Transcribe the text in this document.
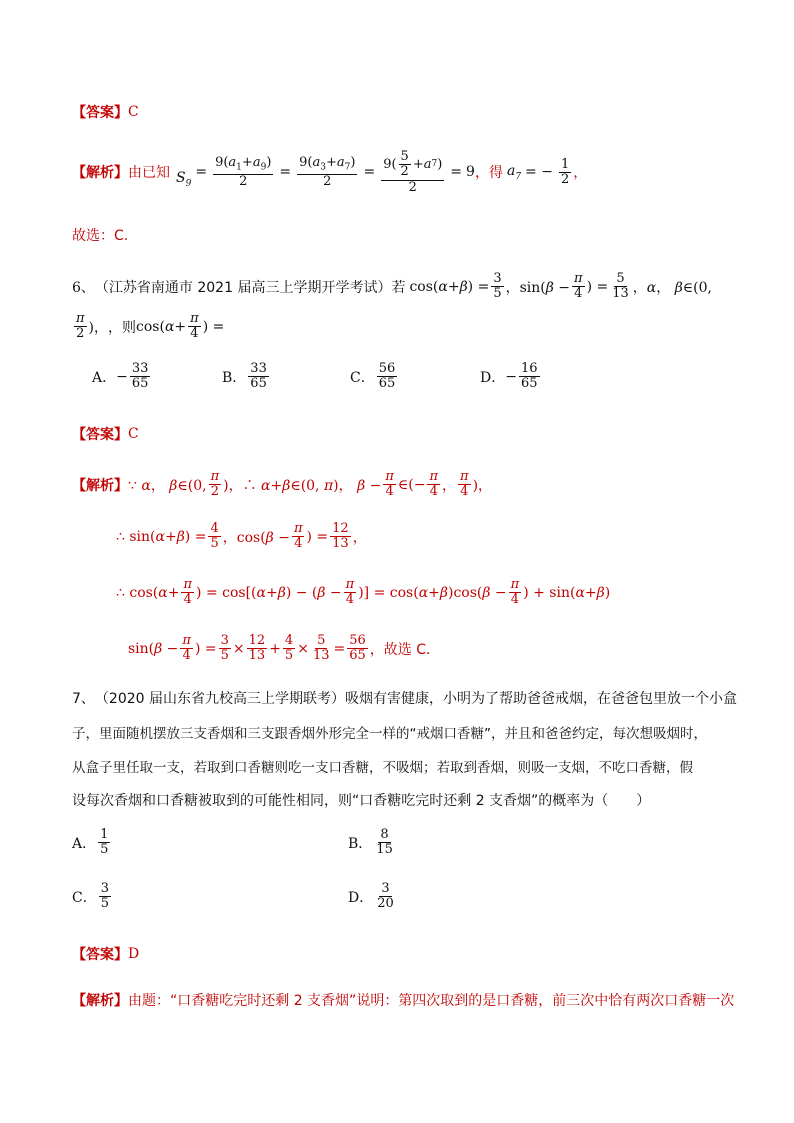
【答案】 C
【解析】 由已知 $S_9$
= $\frac{9(a_1+a_9)}{2} = \frac{9(a_3+a_7)}{2} = \frac{9( \frac{5}{2} + a 7 )}{2} = 9$ ，得 $a_7$ = − $\frac{1}{2}$ ，
故选：C.
6、 （江苏省南通市 2021 届高三上学期开学考试） 若 $\cos(\alpha+\beta) = \frac{3}{5}$ ，$\sin(\beta - \frac{\pi}{4}$ ) = $\frac{5}{13}$ ，α， β∈(0,
$\frac{\pi}{2}$ )， ，则 $\cos(\alpha+ \frac{\pi}{4}$ ) =
A． − $\frac{33}{65}$	B． $\frac{33}{65}$	C． $\frac{56}{65}$	D． − $\frac{16}{65}$
【答案】 C
【解析】 ∵ α， β∈(0, $\frac{\pi}{2}$ )，∴ α+β∈(0, π)， $\beta - \frac{\pi}{4}$ ∈(− $\frac{\pi}{4}$ ， $\frac{\pi}{4}$ )，
∴ $\sin(\alpha+\beta) = \frac{4}{5}$ ，$\cos(\beta - \frac{\pi}{4}$ ) = $\frac{12}{13}$ ，
∴ $\cos(\alpha+ \frac{\pi}{4}$ ) = $\cos[(\alpha+\beta) - (\beta - \frac{\pi}{4}$ )] = $\cos(\alpha+\beta)\cos(\beta - \frac{\pi}{4}$ ) + sin(α+β)
$\sin(\beta - \frac{\pi}{4}$ ) = $\frac{3}{5} \times \frac{12}{13} + \frac{4}{5} \times \frac{5}{13} = \frac{56}{65}$ ，故选 C．
7、 （2020 届山东省九校高三上学期联考） 吸烟有害健康，小明为了帮助爸爸戒烟，在爸爸包里放一个小盒
子，里面随机摆放三支香烟和三支跟香烟外形完全一样的“戒烟口香糖”，并且和爸爸约定，每次想吸烟时，
从盒子里任取一支，若取到口香糖则吃一支口香糖，不吸烟；若取到香烟，则吸一支烟，不吃口香糖，假
设每次香烟和口香糖被取到的可能性相同，则“口香糖吃完时还剩 2 支香烟”的概率为（　　）
A． $\frac{1}{5}$	B． $\frac{8}{15}$
C． $\frac{3}{5}$	D． $\frac{3}{20}$
【答案】 D
【解析】 由题：“口香糖吃完时还剩 2 支香烟”说明：第四次取到的是口香糖，前三次中恰有两次口香糖一次
